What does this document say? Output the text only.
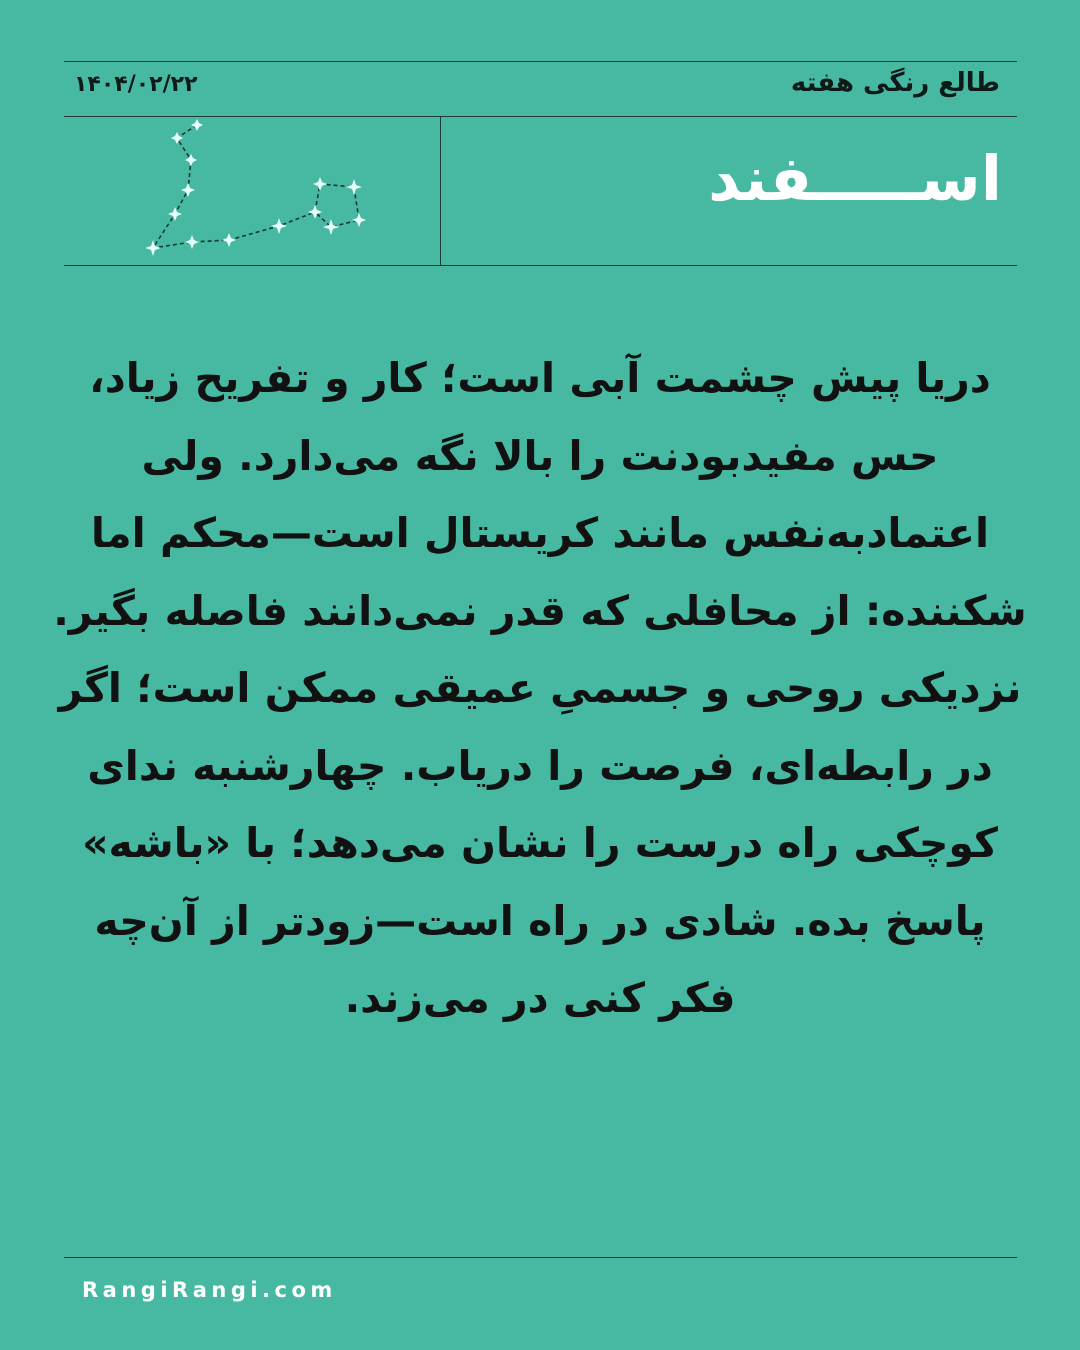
طالع رنگی هفته
۱۴۰۴/۰۲/۲۲
اســـــفند
دریا پیش چشمت آبی است؛ کار و تفریح زیاد، حس مفیدبودنت را بالا نگه می‌دارد. ولی اعتمادبه‌نفس مانند کریستال است—محکم اما شکننده: از محافلی که قدر نمی‌دانند فاصله بگیر. نزدیکی روحی و جسمیِ عمیقی ممکن است؛ اگر در رابطه‌ای، فرصت را دریاب. چهارشنبه ندای کوچکی راه درست را نشان می‌دهد؛ با «باشه» پاسخ بده. شادی در راه است—زودتر از آن‌چه فکر کنی در می‌زند.
RangiRangi.com
